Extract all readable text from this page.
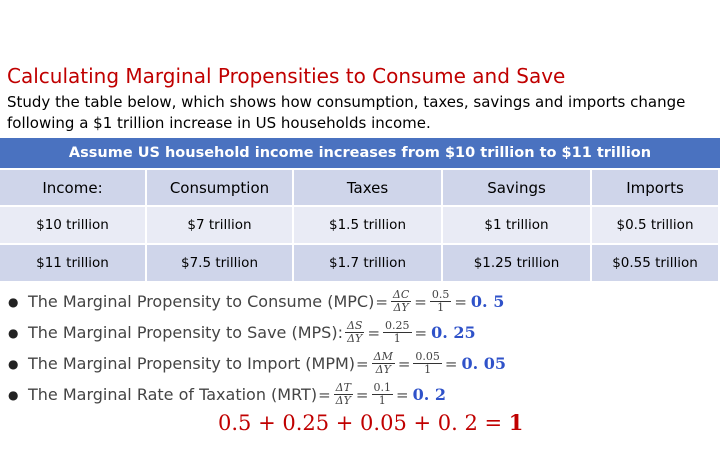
Calculating Marginal Propensities to Consume and Save
Study the table below, which shows how consumption, taxes, savings and imports change following a $1 trillion increase in US households income.
Assume US household income increases from $10 trillion to $11 trillion				
Income:	Consumption	Taxes	Savings	Imports
$10 trillion	$7 trillion	$1.5 trillion	$1 trillion	$0.5 trillion
$11 trillion	$7.5 trillion	$1.7 trillion	$1.25 trillion	$0.55 trillion
● The Marginal Propensity to Consume $(MPC) = \frac{\Delta C}{\Delta Y} = \frac{0.5}{1} = 0$. 5
● The Marginal Propensity to Save (MPS): $\frac{\Delta S}{\Delta Y} = \frac{0.25}{1} = 0$. 25
● The Marginal Propensity to Import $(MPM) = \frac{\Delta M}{\Delta Y} = \frac{0.05}{1} = 0$. 05
● The Marginal Rate of Taxation $(MRT) = \frac{\Delta T}{\Delta Y} = \frac{0.1}{1} = 0$. 2
0.5 + 0.25 + 0.05 + 0. 2 = 1
